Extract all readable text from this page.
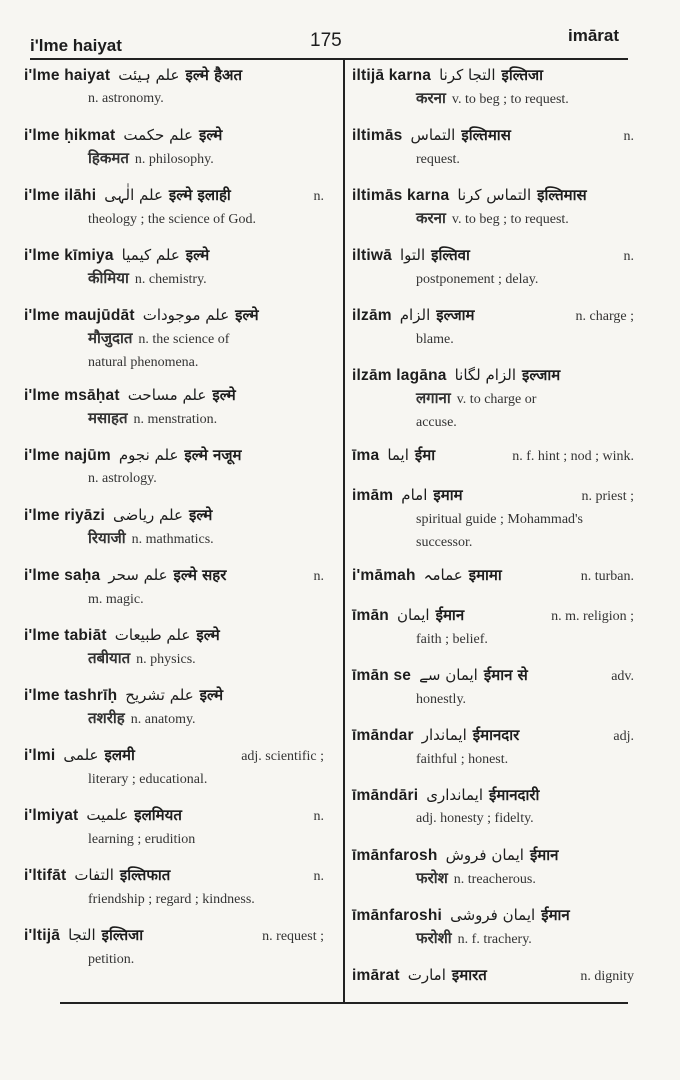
i'lme haiyat	175	imārat
i'lme haiyat علم ہیئت इल्मे हैअत
n. astronomy.
i'lme ḥikmat علم حکمت इल्मे
हिकमत n. philosophy.
i'lme ilāhi علم الٰہی इल्मे इलाही	n.
theology ; the science of God.
i'lme kīmiya علم کیمیا इल्मे
कीमिया n. chemistry.
i'lme maujūdāt علم موجودات इल्मे
मौजुदात n. the science of
natural phenomena.
i'lme msāḥat علم مساحت इल्मे
मसाहत n. menstration.
i'lme najūm علم نجوم इल्मे नजूम
n. astrology.
i'lme riyāzi علم ریاضی इल्मे
रियाजी n. mathmatics.
i'lme saḥa علم سحر इल्मे सहर	n.
m. magic.
i'lme tabiāt علم طبیعات इल्मे
तबीयात n. physics.
i'lme tashrīḥ علم تشریح इल्मे
तशरीह n. anatomy.
i'lmi علمی इलमी	adj. scientific ;
literary ; educational.
i'lmiyat علمیت इलमियत	n.
learning ; erudition
i'ltifāt التفات इल्तिफात	n.
friendship ; regard ; kindness.
i'ltijā التجا इल्तिजा	n. request ;
petition.
iltijā karna التجا کرنا इल्तिजा
करना v. to beg ; to request.
iltimās التماس इल्तिमास	n.
request.
iltimās karna التماس کرنا इल्तिमास
करना v. to beg ; to request.
iltiwā التوا इल्तिवा	n.
postponement ; delay.
ilzām الزام इल्जाम	n. charge ;
blame.
ilzām lagāna الزام لگانا इल्जाम
लगाना v. to charge or
accuse.
īma ایما ईमा	n. f. hint ; nod ; wink.
imām امام इमाम	n. priest ;
spiritual guide ; Mohammad's
successor.
i'māmah عمامہ इमामा	n. turban.
īmān ایمان ईमान	n. m. religion ;
faith ; belief.
īmān se ایمان سے ईमान से	adv.
honestly.
īmāndar ایماندار ईमानदार	adj.
faithful ; honest.
īmāndāri ایمانداری ईमानदारी
adj. honesty ; fidelty.
īmānfarosh ایمان فروش ईमान
फरोश n. treacherous.
īmānfaroshi ایمان فروشی ईमान
फरोशी n. f. trachery.
imārat امارت इमारत	n. dignity
